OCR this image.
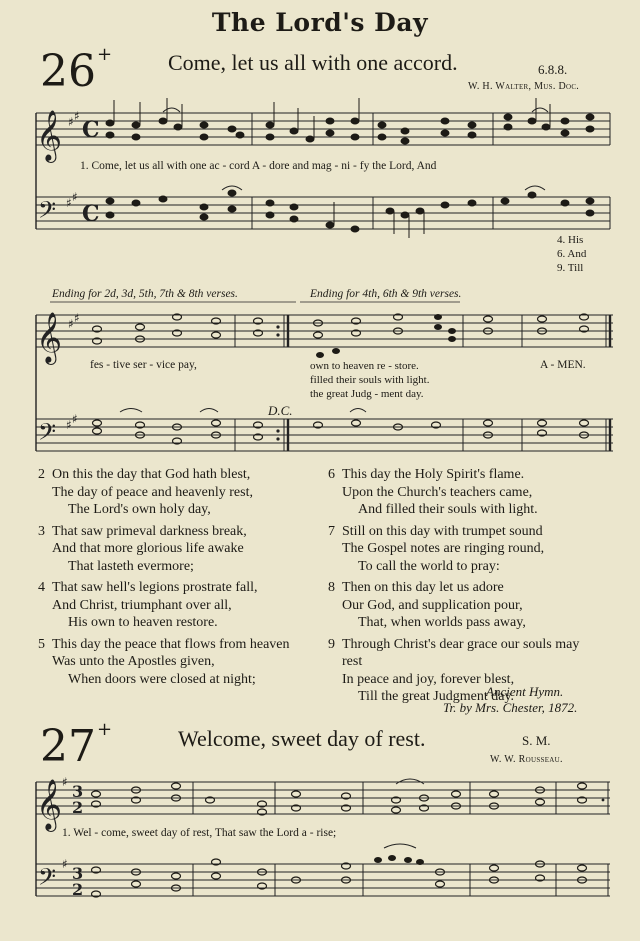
The Lord's Day
26+	Come, let us all with one accord.	6.8.8.
W. H. Walter, Mus. Doc.
𝄞
𝄢
♯ ♯
♯ ♯
C
C
1. Come, let us all with one ac - cord A - dore and mag - ni - fy the Lord, And
4. His
6. And
9. Till
Ending for 2d, 3d, 5th, 7th & 8th verses.	Ending for 4th, 6th & 9th verses.
𝄞
𝄢
♯ ♯
♯ ♯
fes - tive ser - vice pay,	own to heaven re - store.
filled their souls with light.
the great Judg - ment day.
A - MEN.
D.C.
2 On this the day that God hath blest,
The day of peace and heavenly rest,
The Lord's own holy day,
3 That saw primeval darkness break,
And that more glorious life awake
That lasteth evermore;
4 That saw hell's legions prostrate fall,
And Christ, triumphant over all,
His own to heaven restore.
5 This day the peace that flows from heaven
Was unto the Apostles given,
When doors were closed at night;
6 This day the Holy Spirit's flame.
Upon the Church's teachers came,
And filled their souls with light.
7 Still on this day with trumpet sound
The Gospel notes are ringing round,
To call the world to pray:
8 Then on this day let us adore
Our God, and supplication pour,
That, when worlds pass away,
9 Through Christ's dear grace our souls may
rest
In peace and joy, forever blest,
Till the great Judgment day.
Ancient Hymn.
Tr. by Mrs. Chester, 1872.
27+	Welcome, sweet day of rest.	S. M.
W. W. Rousseau.
𝄞
𝄢
♯
♯
3
2
3
2
1. Wel - come, sweet day of rest, That saw the Lord a - rise;
